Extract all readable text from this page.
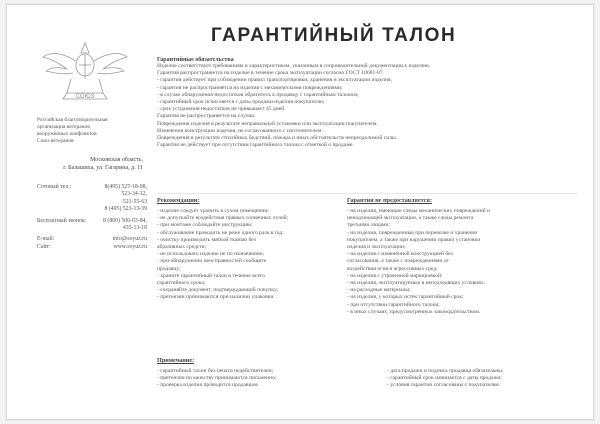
СОЮЗ
Российская благотворительная
организация ветеранов
вооружённых конфликтов
Союз ветеранов
Московская область,
г. Балашиха, ул. Гагарина, д. 11
Сотовый тел.:	8(495) 527-18-08,
523-34-12,
521-55-63
8 (495) 523-13-39
Бесплатный звонок:	8 (800) 500-03-84,
435-13-18
E-mail:	info@soyuz.ru
Сайт:	www.soyuz.ru
ГАРАНТИЙНЫЙ ТАЛОН
Гарантийные обязательства
Изделие соответствует требованиям и характеристикам, указанным в сопроводительной документации к изделию.
Гарантия распространяется на изделие в течение срока эксплуатации согласно ГОСТ 10681-87.
- гарантия действует при соблюдении правил транспортировки, хранения и эксплуатации изделия;
- гарантия не распространяется на изделия с механическими повреждениями;
- в случае обнаружения недостатков обратитесь к продавцу с гарантийным талоном;
- гарантийный срок исчисляется с даты продажи изделия покупателю;
- срок устранения недостатков не превышает 45 дней.
Гарантия не распространяется на случаи:
Повреждения изделия в результате неправильной установки или эксплуатации покупателем.
Изменения конструкции изделия, не согласованного с изготовителем.
Повреждения в результате стихийных бедствий, пожара и иных обстоятельств непреодолимой силы.
Гарантия не действует при отсутствии гарантийного талона с отметкой о продаже.
Рекомендации:
- изделие следует хранить в сухом помещении;
- не допускайте воздействия прямых солнечных лучей;
- при монтаже соблюдайте инструкцию;
- обслуживание проводить не реже одного раза в год;
- очистку производить мягкой тканью без
абразивных средств;
- не использовать изделие не по назначению;
- при обнаружении неисправностей сообщите
продавцу;
- храните гарантийный талон в течение всего
гарантийного срока;
- сохраняйте документ, подтверждающий покупку;
- претензии принимаются при наличии упаковки.
Гарантия не предоставляется:
- на изделия, имеющие следы механических повреждений и
ненадлежащей эксплуатации, а также следы ремонта
третьими лицами;
- на изделия, поврежденные при перевозке и хранении
покупателем, а также при нарушении правил установки
изделия и эксплуатации;
- на изделия с изменённой конструкцией без
согласования, а также с повреждениями от
воздействия огня и агрессивных сред;
- на изделия с утраченной маркировкой;
- на изделия, эксплуатируемые в неподходящих условиях;
- на расходные материалы;
- на изделия, у которых истёк гарантийный срок;
- при отсутствии гарантийного талона;
- в иных случаях, предусмотренных законодательством.
Примечание:
- гарантийный талон без печати недействителен;
- претензии по качеству принимаются письменно;
- проверка изделия проводится продавцом.
- дата продажи и подпись продавца обязательны;
- гарантийный срок начинается с даты продажи;
- условия гарантии согласованы с покупателем.
